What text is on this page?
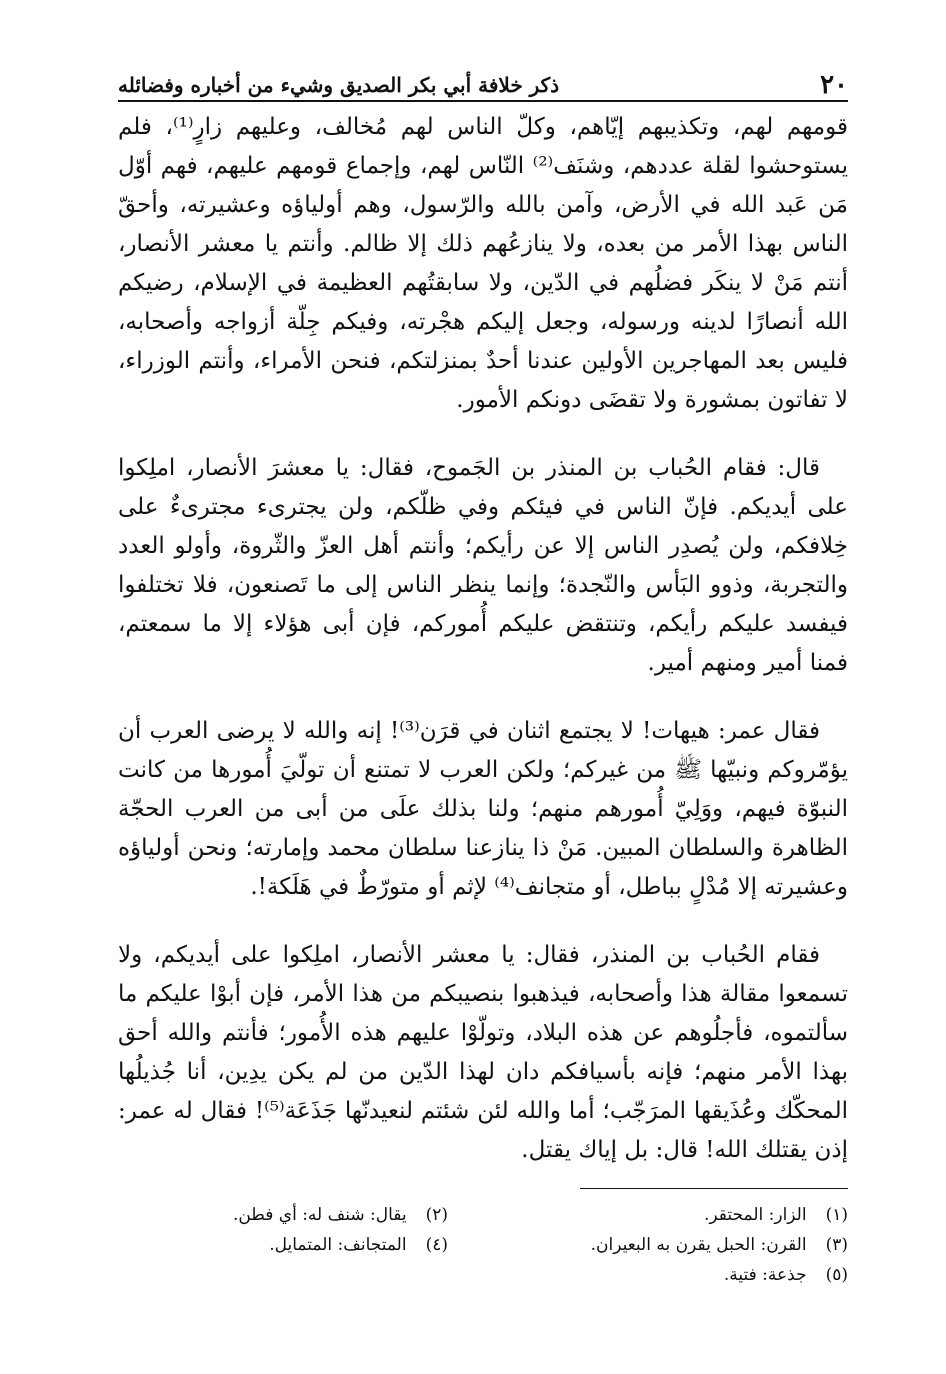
٢٠
ذكر خلافة أبي بكر الصديق وشيء من أخباره وفضائله

قومهم لهم، وتكذيبهم إيّاهم، وكلّ الناس لهم مُخالف، وعليهم زارٍ⁽¹⁾، فلم يستوحشوا لقلة عددهم، وشنَف⁽²⁾ النّاس لهم، وإجماع قومهم عليهم، فهم أوّل مَن عَبد الله في الأرض، وآمن بالله والرّسول، وهم أولياؤه وعشيرته، وأحقّ الناس بهذا الأمر من بعده، ولا ينازعُهم ذلك إلا ظالم. وأنتم يا معشر الأنصار، أنتم مَنْ لا ينكَر فضلُهم في الدّين، ولا سابقتُهم العظيمة في الإسلام، رضيكم الله أنصارًا لدينه ورسوله، وجعل إليكم هجْرته، وفيكم جِلّة أزواجه وأصحابه، فليس بعد المهاجرين الأولين عندنا أحدٌ بمنزلتكم، فنحن الأمراء، وأنتم الوزراء، لا تفاتون بمشورة ولا تقضَى دونكم الأمور.

قال: فقام الحُباب بن المنذر بن الجَموح، فقال: يا معشرَ الأنصار، املِكوا على أيديكم. فإنّ الناس في فيئكم وفي ظلّكم، ولن يجترىء مجترىءٌ على خِلافكم، ولن يُصدِر الناس إلا عن رأيكم؛ وأنتم أهل العزّ والثّروة، وأولو العدد والتجربة، وذوو البَأس والنّجدة؛ وإنما ينظر الناس إلى ما تَصنعون، فلا تختلفوا فيفسد عليكم رأيكم، وتنتقض عليكم أُموركم، فإن أبى هؤلاء إلا ما سمعتم، فمنا أمير ومنهم أمير.

فقال عمر: هيهات! لا يجتمع اثنان في قرَن⁽³⁾! إنه والله لا يرضى العرب أن يؤمّروكم ونبيّها ﷺ من غيركم؛ ولكن العرب لا تمتنع أن تولّيَ أُمورها من كانت النبوّة فيهم، ووَلِيّ أُمورهم منهم؛ ولنا بذلك علَى من أبى من العرب الحجّة الظاهرة والسلطان المبين. مَنْ ذا ينازعنا سلطان محمد وإمارته؛ ونحن أولياؤه وعشيرته إلا مُدْلٍ بباطل، أو متجانف⁽⁴⁾ لإثم أو متورّطٌ في هَلَكة!.

فقام الحُباب بن المنذر، فقال: يا معشر الأنصار، املِكوا على أيديكم، ولا تسمعوا مقالة هذا وأصحابه، فيذهبوا بنصيبكم من هذا الأمر، فإن أبوْا عليكم ما سألتموه، فأجلُوهم عن هذه البلاد، وتولّوْا عليهم هذه الأُمور؛ فأنتم والله أحق بهذا الأمر منهم؛ فإنه بأسيافكم دان لهذا الدّين من لم يكن يدِين، أنا جُذيلُها المحكّك وعُذَيقها المرَجّب؛ أما والله لئن شئتم لنعيدنّها جَذَعَة⁽⁵⁾! فقال له عمر: إذن يقتلك الله! قال: بل إياك يقتل.

(١) الزار: المحتقر.
(٢) يقال: شنف له: أي فطن.
(٣) القرن: الحبل يقرن به البعيران.
(٤) المتجانف: المتمايل.
(٥) جذعة: فتية.
